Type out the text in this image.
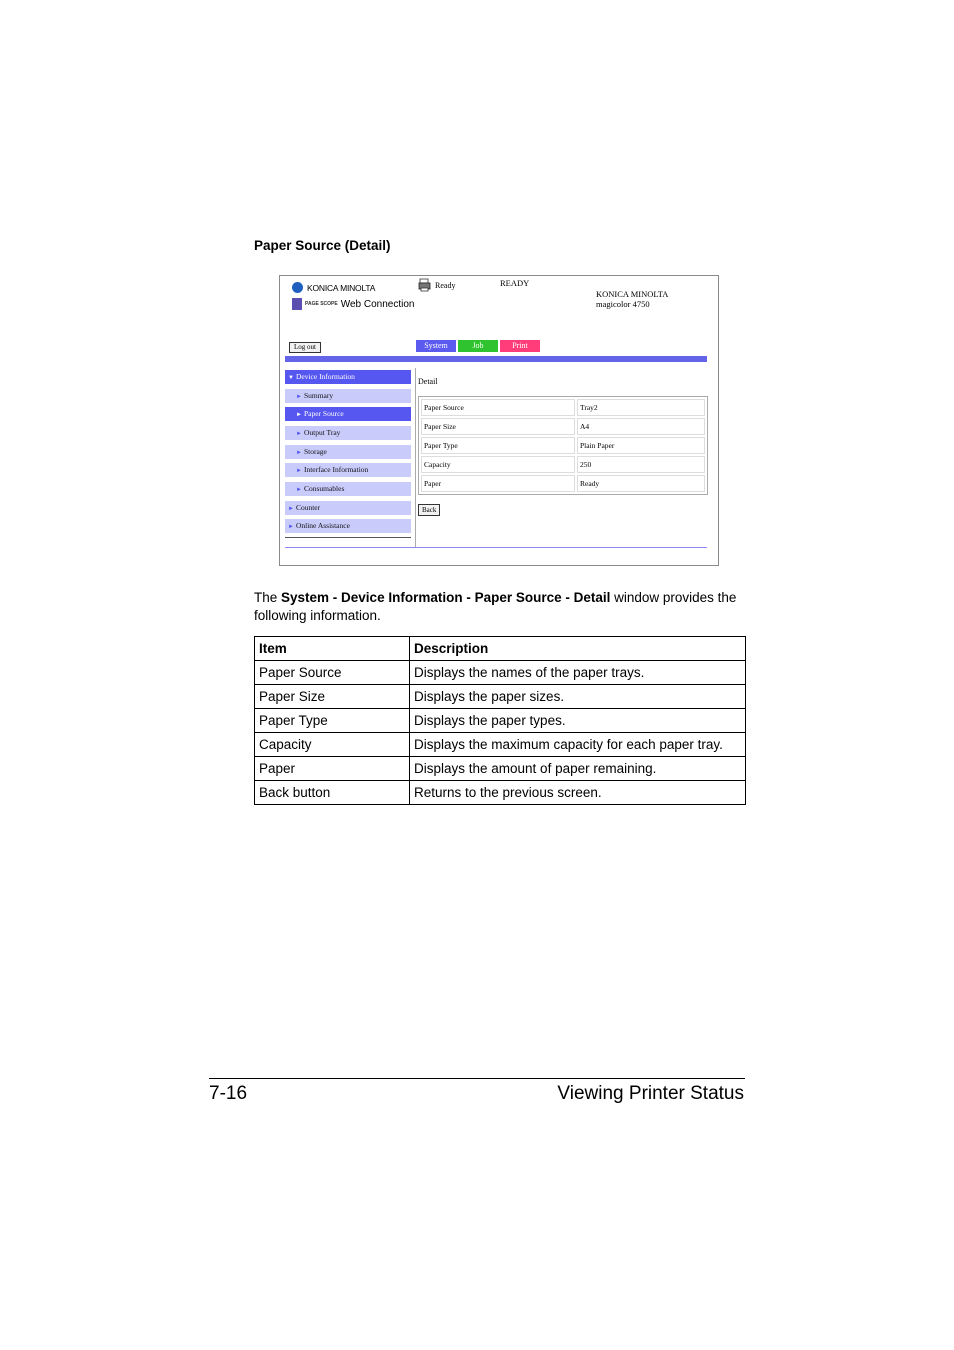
Paper Source (Detail)
KONICA MINOLTA
PAGE SCOPE Web Connection
Ready	READY
KONICA MINOLTA
magicolor 4750
Log out	System	Job	Print
▼ Device Information
► Summary
► Paper Source
► Output Tray
► Storage
► Interface Information
► Consumables
► Counter
► Online Assistance
Detail
Paper Source	Tray2
Paper Size	A4
Paper Type	Plain Paper
Capacity	250
Paper	Ready
Back
The System - Device Information - Paper Source - Detail window provides the following information.
Item	Description
Paper Source	Displays the names of the paper trays.
Paper Size	Displays the paper sizes.
Paper Type	Displays the paper types.
Capacity	Displays the maximum capacity for each paper tray.
Paper	Displays the amount of paper remaining.
Back button	Returns to the previous screen.
7-16	Viewing Printer Status
